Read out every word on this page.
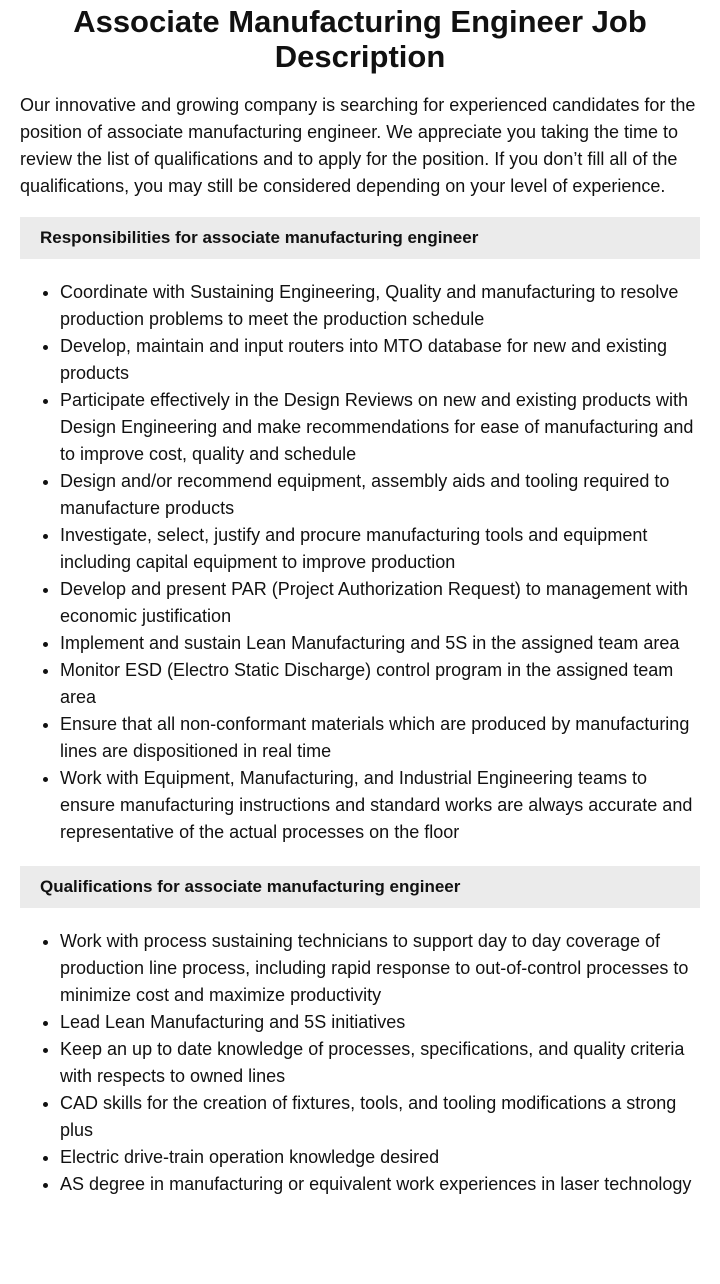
Associate Manufacturing Engineer Job Description

Our innovative and growing company is searching for experienced candidates for the position of associate manufacturing engineer. We appreciate you taking the time to review the list of qualifications and to apply for the position. If you don’t fill all of the qualifications, you may still be considered depending on your level of experience.

Responsibilities for associate manufacturing engineer
• Coordinate with Sustaining Engineering, Quality and manufacturing to resolve production problems to meet the production schedule
• Develop, maintain and input routers into MTO database for new and existing products
• Participate effectively in the Design Reviews on new and existing products with Design Engineering and make recommendations for ease of manufacturing and to improve cost, quality and schedule
• Design and/or recommend equipment, assembly aids and tooling required to manufacture products
• Investigate, select, justify and procure manufacturing tools and equipment including capital equipment to improve production
• Develop and present PAR (Project Authorization Request) to management with economic justification
• Implement and sustain Lean Manufacturing and 5S in the assigned team area
• Monitor ESD (Electro Static Discharge) control program in the assigned team area
• Ensure that all non-conformant materials which are produced by manufacturing lines are dispositioned in real time
• Work with Equipment, Manufacturing, and Industrial Engineering teams to ensure manufacturing instructions and standard works are always accurate and representative of the actual processes on the floor
Qualifications for associate manufacturing engineer
• Work with process sustaining technicians to support day to day coverage of production line process, including rapid response to out-of-control processes to minimize cost and maximize productivity
• Lead Lean Manufacturing and 5S initiatives
• Keep an up to date knowledge of processes, specifications, and quality criteria with respects to owned lines
• CAD skills for the creation of fixtures, tools, and tooling modifications a strong plus
• Electric drive-train operation knowledge desired
• AS degree in manufacturing or equivalent work experiences in laser technology
